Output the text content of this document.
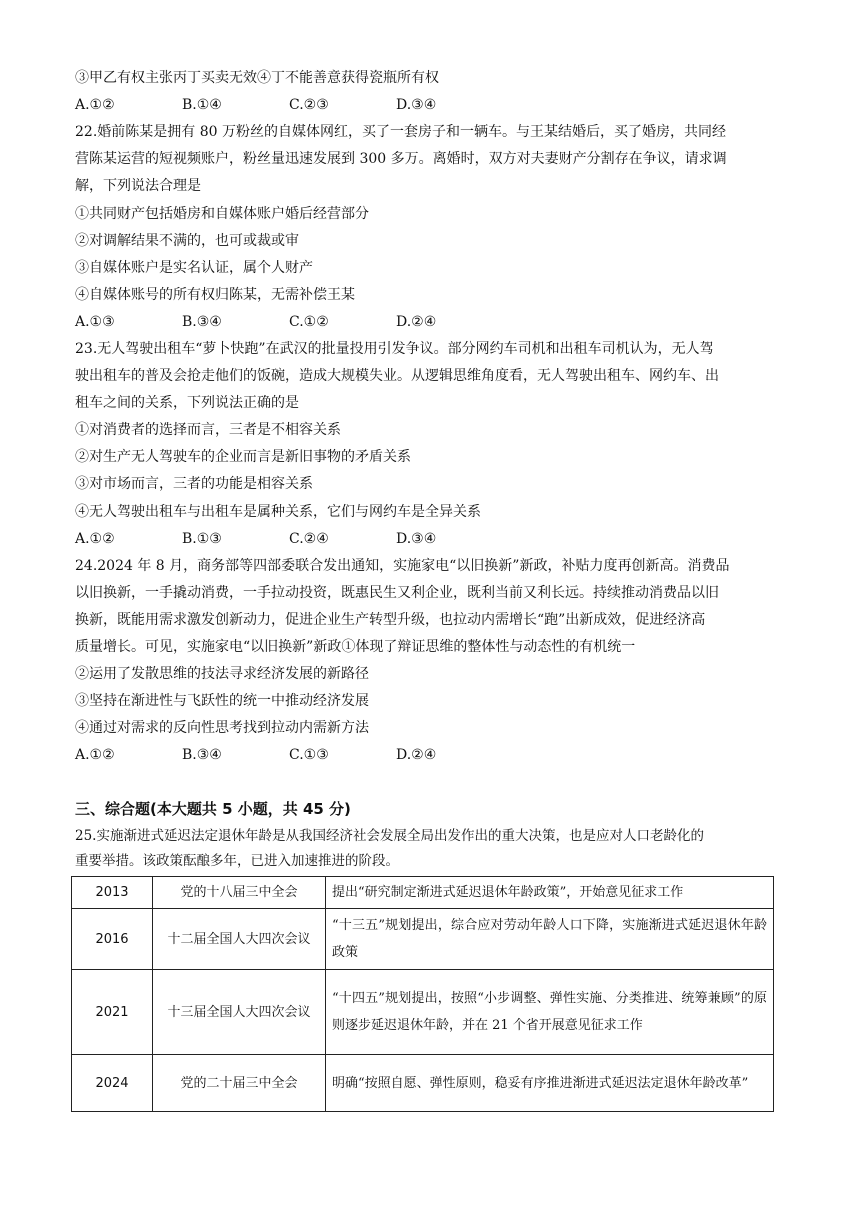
③甲乙有权主张丙丁买卖无效④丁不能善意获得瓷瓶所有权
A.①②	B.①④	C.②③	D.③④
22.婚前陈某是拥有 80 万粉丝的自媒体网红，买了一套房子和一辆车。与王某结婚后，买了婚房，共同经
营陈某运营的短视频账户，粉丝量迅速发展到 300 多万。离婚时，双方对夫妻财产分割存在争议，请求调
解，下列说法合理是
①共同财产包括婚房和自媒体账户婚后经营部分
②对调解结果不满的，也可或裁或审
③自媒体账户是实名认证，属个人财产
④自媒体账号的所有权归陈某，无需补偿王某
A.①③	B.③④	C.①②	D.②④
23.无人驾驶出租车“萝卜快跑”在武汉的批量投用引发争议。部分网约车司机和出租车司机认为，无人驾
驶出租车的普及会抢走他们的饭碗，造成大规模失业。从逻辑思维角度看，无人驾驶出租车、网约车、出
租车之间的关系，下列说法正确的是
①对消费者的选择而言，三者是不相容关系
②对生产无人驾驶车的企业而言是新旧事物的矛盾关系
③对市场而言，三者的功能是相容关系
④无人驾驶出租车与出租车是属种关系，它们与网约车是全异关系
A.①②	B.①③	C.②④	D.③④
24.2024 年 8 月，商务部等四部委联合发出通知，实施家电“以旧换新”新政，补贴力度再创新高。消费品
以旧换新，一手撬动消费，一手拉动投资，既惠民生又利企业，既利当前又利长远。持续推动消费品以旧
换新，既能用需求激发创新动力，促进企业生产转型升级，也拉动内需增长“跑”出新成效，促进经济高
质量增长。可见，实施家电“以旧换新”新政①体现了辩证思维的整体性与动态性的有机统一
②运用了发散思维的技法寻求经济发展的新路径
③坚持在渐进性与飞跃性的统一中推动经济发展
④通过对需求的反向性思考找到拉动内需新方法
A.①②	B.③④	C.①③	D.②④
三、综合题(本大题共 5 小题，共 45 分)
25.实施渐进式延迟法定退休年龄是从我国经济社会发展全局出发作出的重大决策，也是应对人口老龄化的
重要举措。该政策酝酿多年，已进入加速推进的阶段。
2013	党的十八届三中全会	提出“研究制定渐进式延迟退休年龄政策”，开始意见征求工作
2016	十二届全国人大四次会议	“十三五”规划提出，综合应对劳动年龄人口下降，实施渐进式延迟退休年龄政策
2021	十三届全国人大四次会议	“十四五”规划提出，按照“小步调整、弹性实施、分类推进、统筹兼顾”的原则逐步延迟退休年龄，并在 21 个省开展意见征求工作
2024	党的二十届三中全会	明确“按照自愿、弹性原则，稳妥有序推进渐进式延迟法定退休年龄改革”
